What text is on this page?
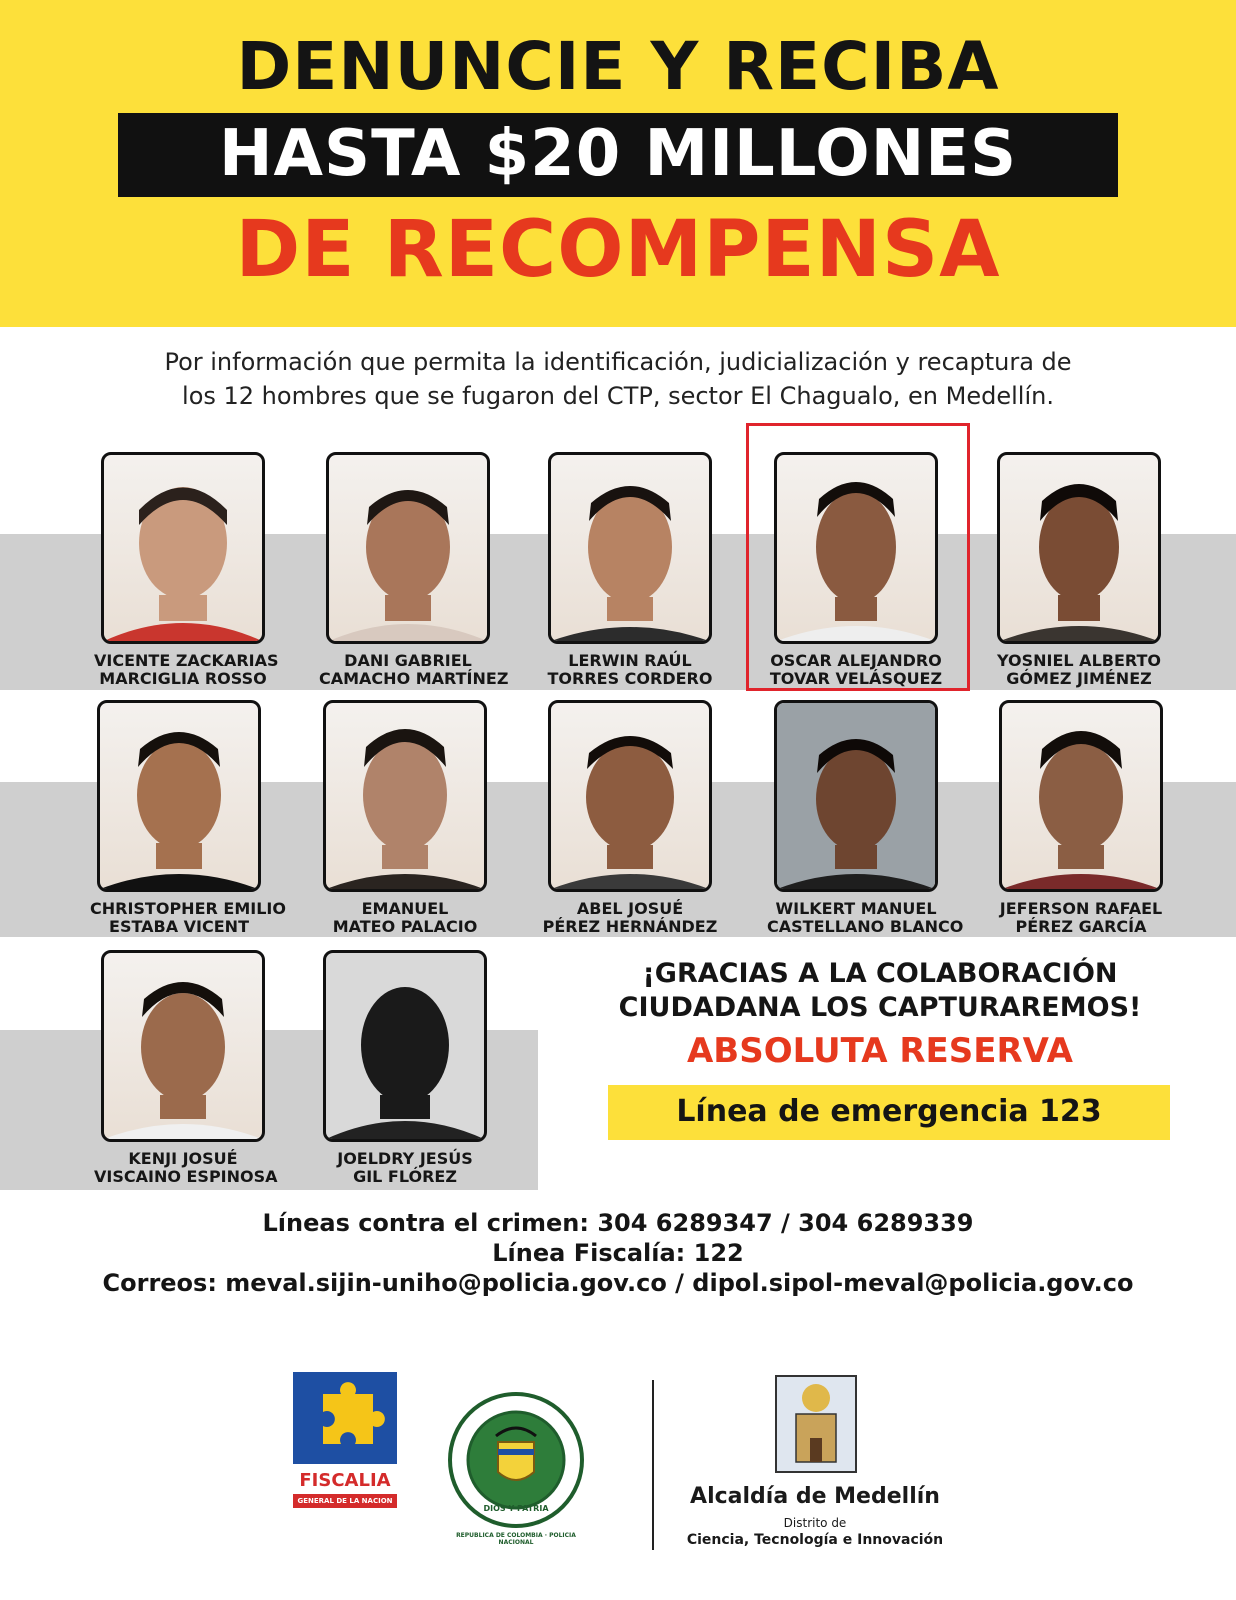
DENUNCIE Y RECIBA
HASTA $20 MILLONES
DE RECOMPENSA
Por información que permita la identificación, judicialización y recaptura de
los 12 hombres que se fugaron del CTP, sector El Chagualo, en Medellín.
VICENTE ZACKARIAS
MARCIGLIA ROSSO
DANI GABRIEL
CAMACHO MARTÍNEZ
LERWIN RAÚL
TORRES CORDERO
OSCAR ALEJANDRO
TOVAR VELÁSQUEZ
YOSNIEL ALBERTO
GÓMEZ JIMÉNEZ
CHRISTOPHER EMILIO
ESTABA VICENT
EMANUEL
MATEO PALACIO
ABEL JOSUÉ
PÉREZ HERNÁNDEZ
WILKERT MANUEL
CASTELLANO BLANCO
JEFERSON RAFAEL
PÉREZ GARCÍA
KENJI JOSUÉ
VISCAINO ESPINOSA
JOELDRY JESÚS
GIL FLÓREZ
¡GRACIAS A LA COLABORACIÓN
CIUDADANA LOS CAPTURAREMOS!
ABSOLUTA RESERVA
Línea de emergencia 123
Líneas contra el crimen: 304 6289347 / 304 6289339
Línea Fiscalía: 122
Correos: meval.sijin-uniho@policia.gov.co / dipol.sipol-meval@policia.gov.co
FISCALIA
GENERAL DE LA NACION
DIOS Y PATRIA
REPUBLICA DE COLOMBIA · POLICIA NACIONAL
Alcaldía de Medellín
Distrito de
Ciencia, Tecnología e Innovación
